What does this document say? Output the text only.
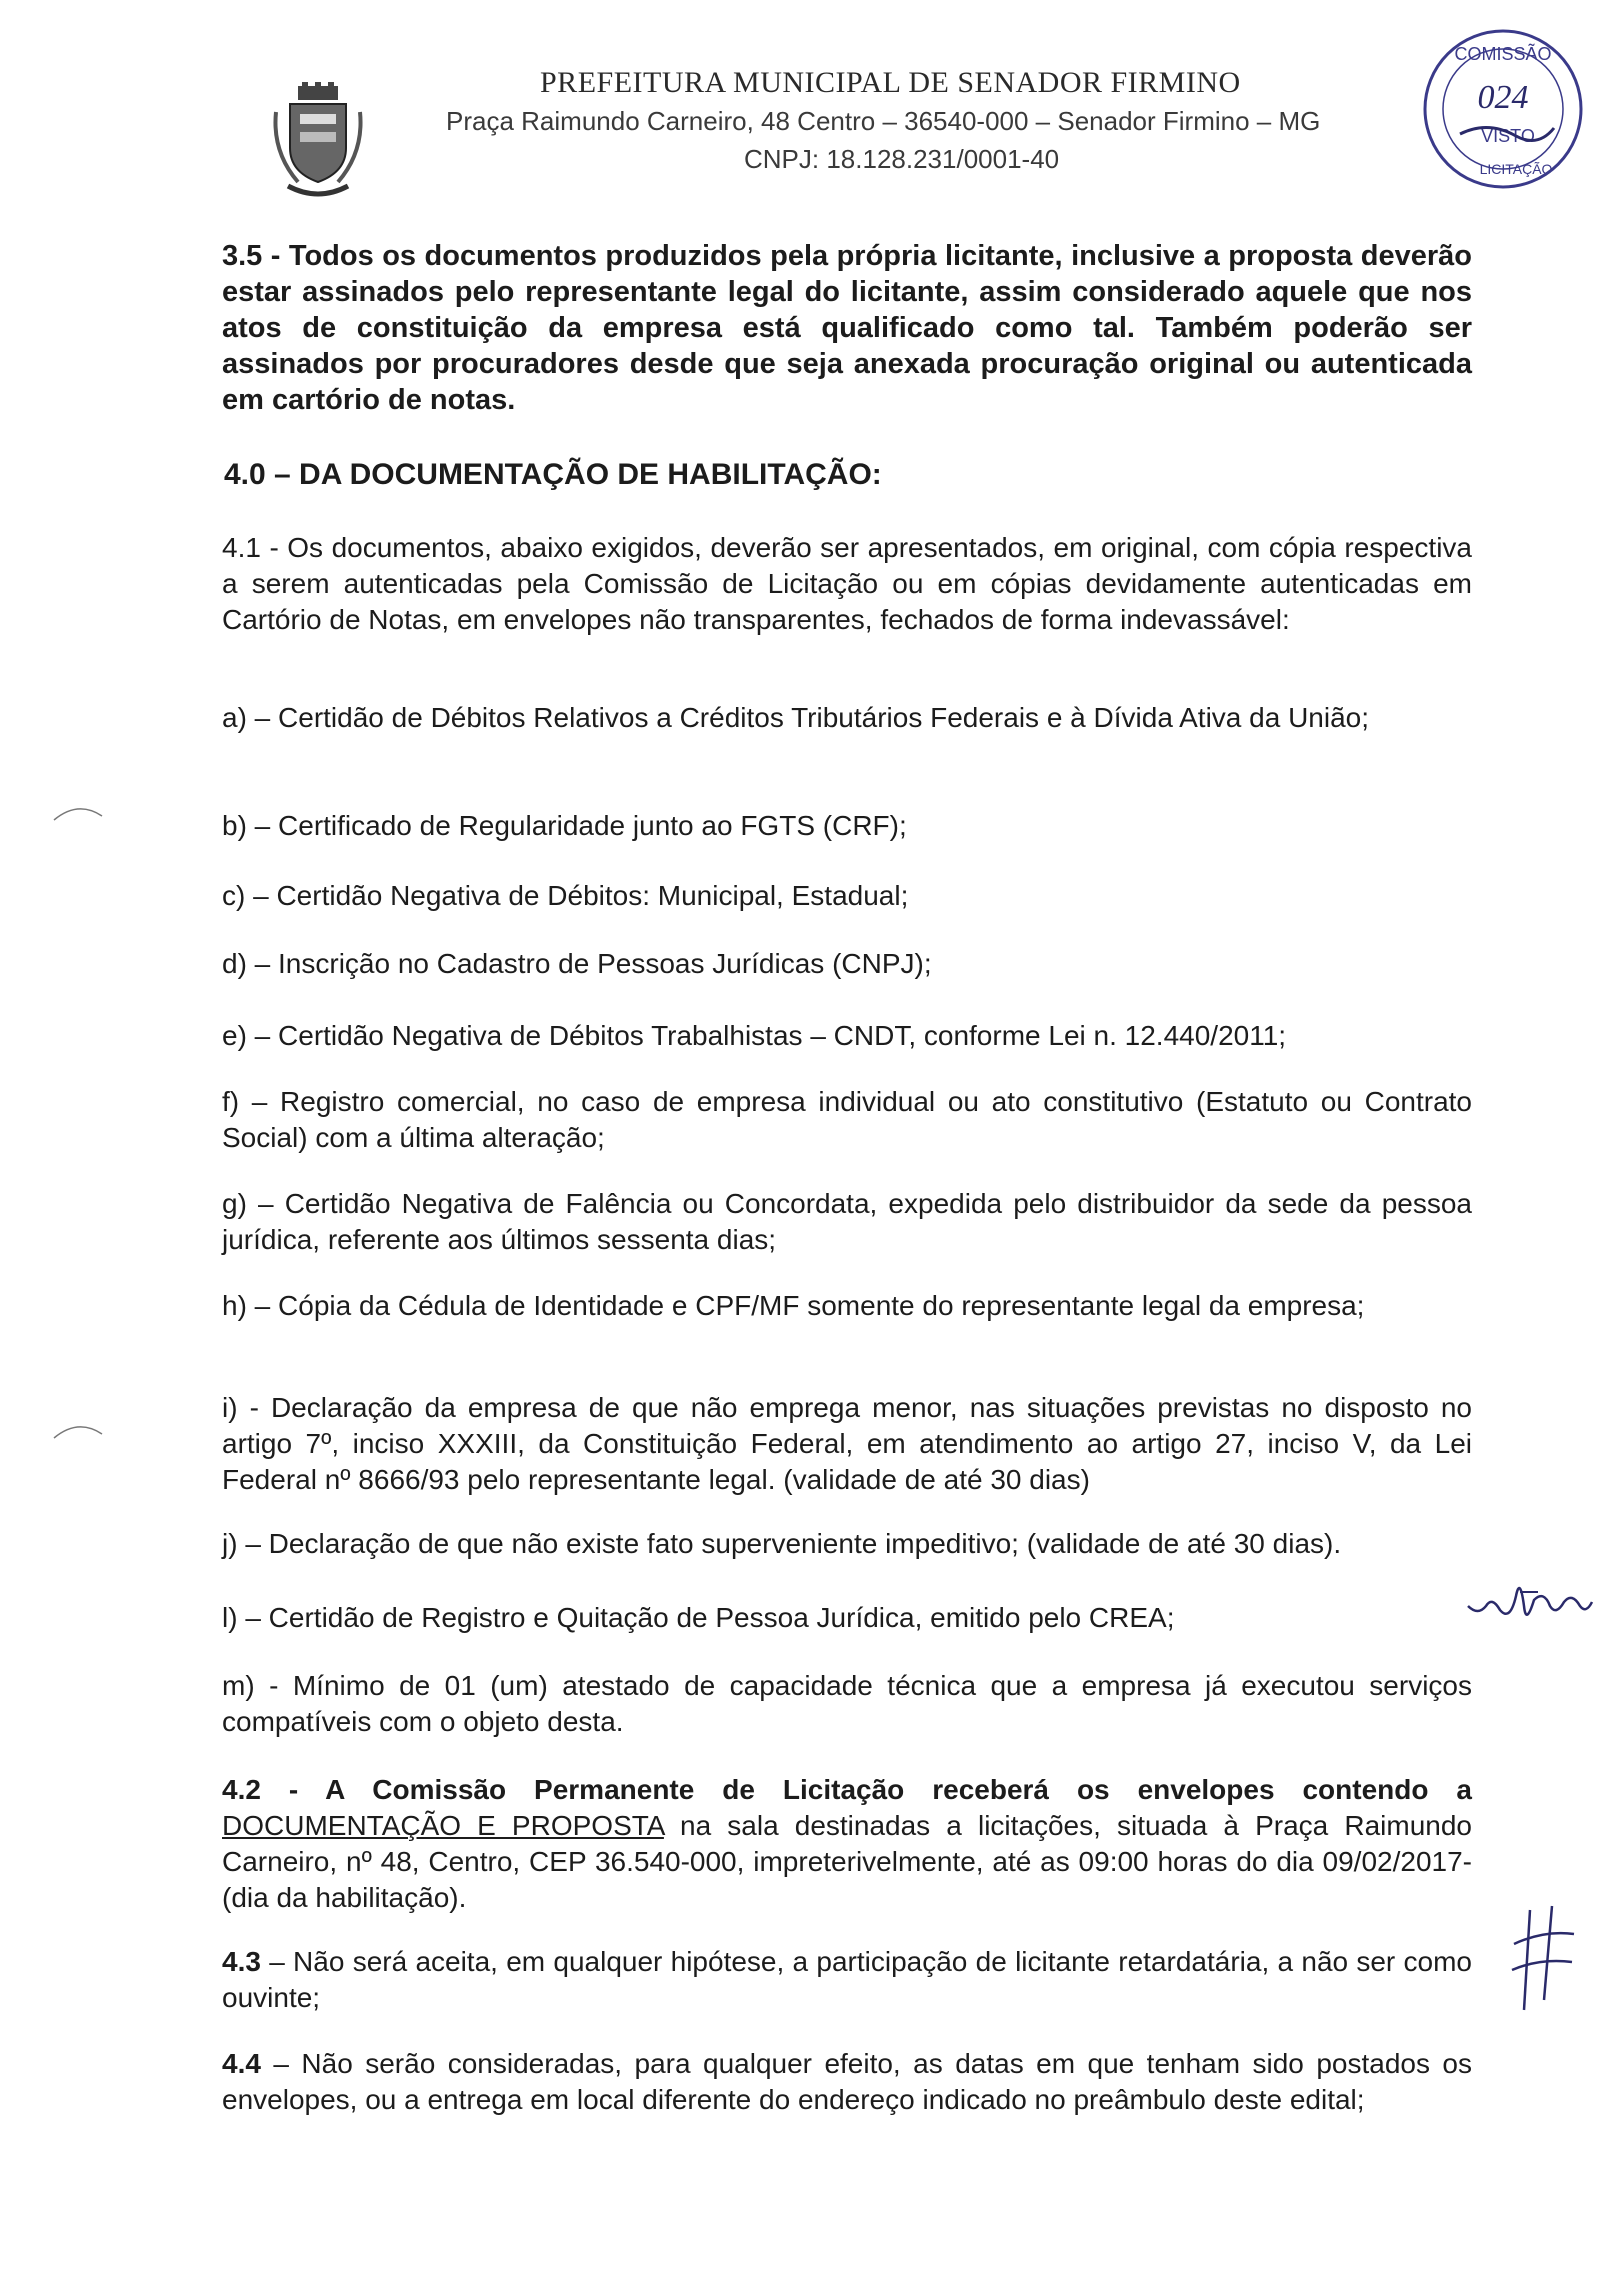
PREFEITURA MUNICIPAL DE SENADOR FIRMINO
Praça Raimundo Carneiro, 48 Centro – 36540-000 – Senador Firmino – MG
CNPJ: 18.128.231/0001-40
COMISSÃO
024
VISTO
LICITAÇÃO
3.5 - Todos os documentos produzidos pela própria licitante, inclusive a proposta deverão estar assinados pelo representante legal do licitante, assim considerado aquele que nos atos de constituição da empresa está qualificado como tal. Também poderão ser assinados por procuradores desde que seja anexada procuração original ou autenticada em cartório de notas.
4.0 – DA DOCUMENTAÇÃO DE HABILITAÇÃO:
4.1 - Os documentos, abaixo exigidos, deverão ser apresentados, em original, com cópia respectiva a serem autenticadas pela Comissão de Licitação ou em cópias devidamente autenticadas em Cartório de Notas, em envelopes não transparentes, fechados de forma indevassável:
a) – Certidão de Débitos Relativos a Créditos Tributários Federais e à Dívida Ativa da União;
b) – Certificado de Regularidade junto ao FGTS (CRF);
c) – Certidão Negativa de Débitos: Municipal, Estadual;
d) – Inscrição no Cadastro de Pessoas Jurídicas (CNPJ);
e) – Certidão Negativa de Débitos Trabalhistas – CNDT, conforme Lei n. 12.440/2011;
f) – Registro comercial, no caso de empresa individual ou ato constitutivo (Estatuto ou Contrato Social) com a última alteração;
g) – Certidão Negativa de Falência ou Concordata, expedida pelo distribuidor da sede da pessoa jurídica, referente aos últimos sessenta dias;
h) – Cópia da Cédula de Identidade e CPF/MF somente do representante legal da empresa;
i) - Declaração da empresa de que não emprega menor, nas situações previstas no disposto no artigo 7º, inciso XXXIII, da Constituição Federal, em atendimento ao artigo 27, inciso V, da Lei Federal nº 8666/93 pelo representante legal. (validade de até 30 dias)
j) – Declaração de que não existe fato superveniente impeditivo; (validade de até 30 dias).
l) – Certidão de Registro e Quitação de Pessoa Jurídica, emitido pelo CREA;
m) - Mínimo de 01 (um) atestado de capacidade técnica que a empresa já executou serviços compatíveis com o objeto desta.
4.2 - A Comissão Permanente de Licitação receberá os envelopes contendo a DOCUMENTAÇÃO E PROPOSTA na sala destinadas a licitações, situada à Praça Raimundo Carneiro, nº 48, Centro, CEP 36.540-000, impreterivelmente, até as 09:00 horas do dia 09/02/2017- (dia da habilitação).
4.3 – Não será aceita, em qualquer hipótese, a participação de licitante retardatária, a não ser como ouvinte;
4.4 – Não serão consideradas, para qualquer efeito, as datas em que tenham sido postados os envelopes, ou a entrega em local diferente do endereço indicado no preâmbulo deste edital;
